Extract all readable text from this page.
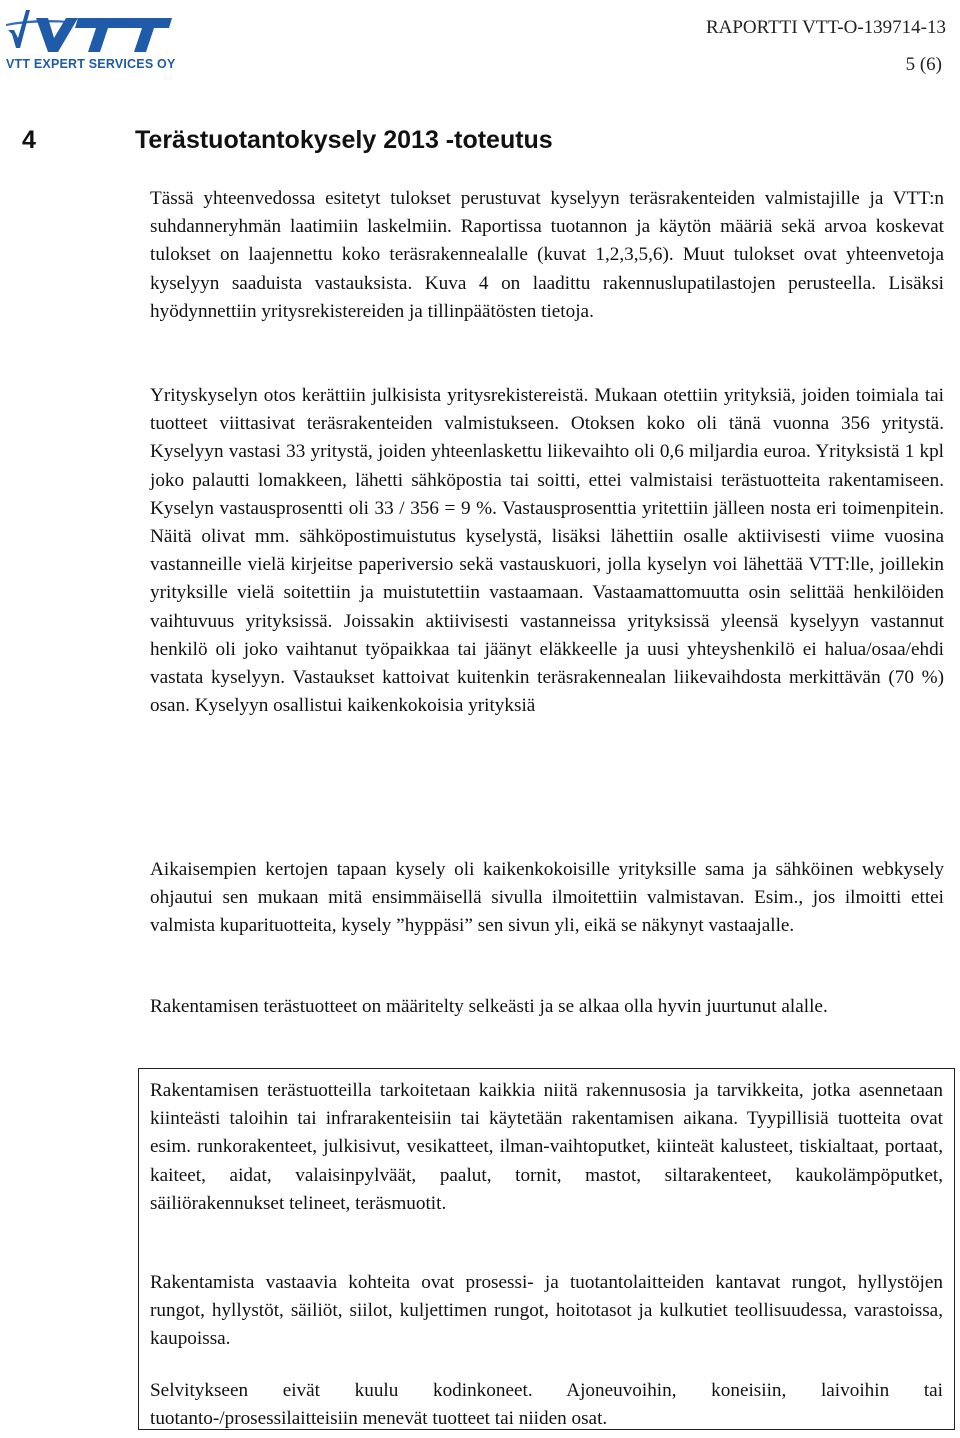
VTT EXPERT SERVICES OY
RAPORTTI VTT-O-139714-13
5 (6)
4	Terästuotantokysely 2013 -toteutus

Tässä yhteenvedossa esitetyt tulokset perustuvat kyselyyn teräsrakenteiden valmistajille ja VTT:n suhdanneryhmän laatimiin laskelmiin. Raportissa tuotannon ja käytön määriä sekä arvoa koskevat tulokset on laajennettu koko teräsrakennealalle (kuvat 1,2,3,5,6). Muut tulokset ovat yhteenvetoja kyselyyn saaduista vastauksista. Kuva 4 on laadittu rakennuslupatilastojen perusteella. Lisäksi hyödynnettiin yritysrekistereiden ja tillinpäätösten tietoja.

Yrityskyselyn otos kerättiin julkisista yritysrekistereistä. Mukaan otettiin yrityksiä, joiden toimiala tai tuotteet viittasivat teräsrakenteiden valmistukseen. Otoksen koko oli tänä vuonna 356 yritystä. Kyselyyn vastasi 33 yritystä, joiden yhteenlaskettu liikevaihto oli 0,6 miljardia euroa. Yrityksistä 1 kpl joko palautti lomakkeen, lähetti sähköpostia tai soitti, ettei valmistaisi terästuotteita rakentamiseen. Kyselyn vastausprosentti oli 33 / 356 = 9 %. Vastausprosenttia yritettiin jälleen nosta eri toimenpitein. Näitä olivat mm. sähköpostimuistutus kyselystä, lisäksi lähettiin osalle aktiivisesti viime vuosina vastanneille vielä kirjeitse paperiversio sekä vastauskuori, jolla kyselyn voi lähettää VTT:lle, joillekin yrityksille vielä soitettiin ja muistutettiin vastaamaan. Vastaamattomuutta osin selittää henkilöiden vaihtuvuus yrityksissä. Joissakin aktiivisesti vastanneissa yrityksissä yleensä kyselyyn vastannut henkilö oli joko vaihtanut työpaikkaa tai jäänyt eläkkeelle ja uusi yhteyshenkilö ei halua/osaa/ehdi vastata kyselyyn. Vastaukset kattoivat kuitenkin teräsrakennealan liikevaihdosta merkittävän (70 %) osan. Kyselyyn osallistui kaikenkokoisia yrityksiä

Aikaisempien kertojen tapaan kysely oli kaikenkokoisille yrityksille sama ja sähköinen webkysely ohjautui sen mukaan mitä ensimmäisellä sivulla ilmoitettiin valmistavan. Esim., jos ilmoitti ettei valmista kuparituotteita, kysely ”hyppäsi” sen sivun yli, eikä se näkynyt vastaajalle.

Rakentamisen terästuotteet on määritelty selkeästi ja se alkaa olla hyvin juurtunut alalle.

Rakentamisen terästuotteilla tarkoitetaan kaikkia niitä rakennusosia ja tarvikkeita, jotka asennetaan kiinteästi taloihin tai infrarakenteisiin tai käytetään rakentamisen aikana. Tyypillisiä tuotteita ovat esim. runkorakenteet, julkisivut, vesikatteet, ilman-vaihtoputket, kiinteät kalusteet, tiskialtaat, portaat, kaiteet, aidat, valaisinpylväät, paalut, tornit, mastot, siltarakenteet, kaukolämpöputket, säiliörakennukset telineet, teräsmuotit.

Rakentamista vastaavia kohteita ovat prosessi- ja tuotantolaitteiden kantavat rungot, hyllystöjen rungot, hyllystöt, säiliöt, siilot, kuljettimen rungot, hoitotasot ja kulkutiet teollisuudessa, varastoissa, kaupoissa.

Selvitykseen eivät kuulu kodinkoneet. Ajoneuvoihin, koneisiin, laivoihin tai tuotanto-/prosessilaitteisiin menevät tuotteet tai niiden osat.
